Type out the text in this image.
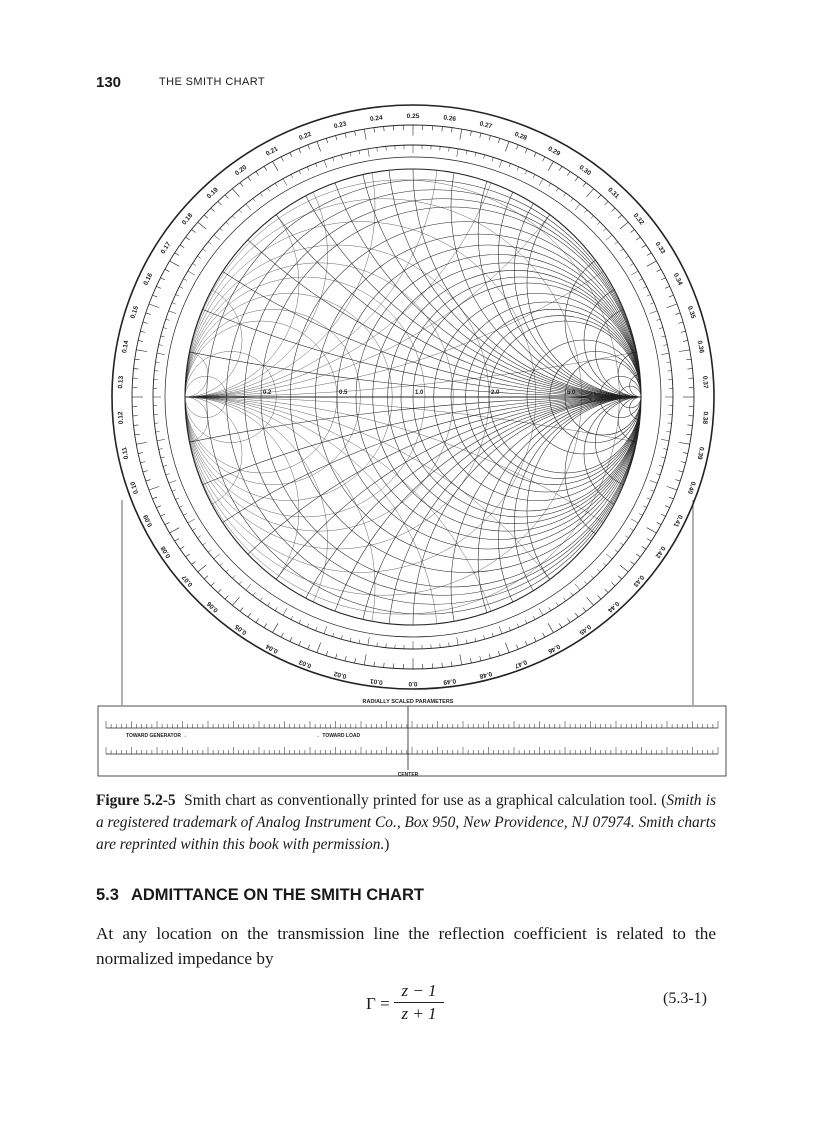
130	THE SMITH CHART
0.10
0.11
0.12
0.13
0.14
0.15
0.16
0.17
0.18
0.19
0.20
0.21
0.22
0.23
0.24	0.25	0.26
0.27
0.28
0.29
0.30
0.31
0.32
0.33
0.34
0.35
0.36
0.37
0.38
0.39
0.40
0.41
0.42
0.43
0.44
0.45
0.46
0.47
0.48
0.49
0.0
0.01
0.02
0.03
0.04
0.05
0.06
0.07
0.08
0.09
0.2	0.5	1.0	2.0	5.0
RADIALLY SCALED PARAMETERS
TOWARD GENERATOR →	← TOWARD LOAD
CENTER
Figure 5.2-5 Smith chart as conventionally printed for use as a graphical calculation tool. (Smith is a registered trademark of Analog Instrument Co., Box 950, New Providence, NJ 07974. Smith charts are reprinted within this book with permission.)
5.3 ADMITTANCE ON THE SMITH CHART
At any location on the transmission line the reflection coefficient is related to the normalized impedance by
$\Gamma = \frac{z - 1}{z + 1}$	(5.3-1)
